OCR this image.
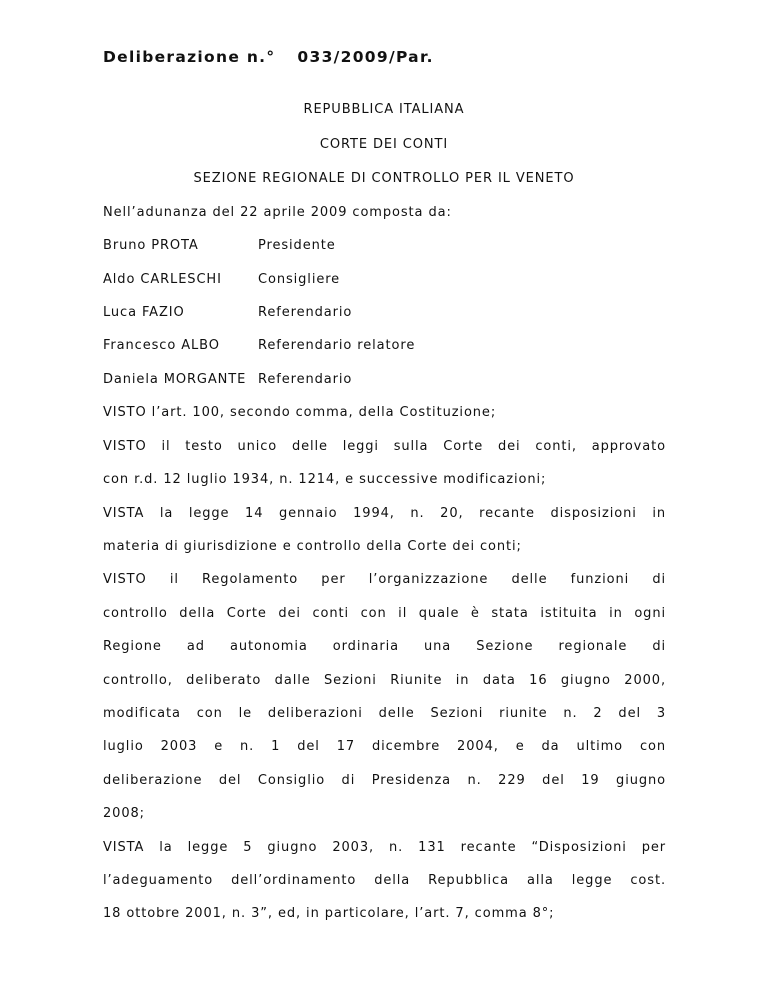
Deliberazione n.° 033/2009/Par.
REPUBBLICA ITALIANA
CORTE DEI CONTI
SEZIONE REGIONALE DI CONTROLLO PER IL VENETO
Nell’adunanza del 22 aprile 2009 composta da:
Bruno PROTA	Presidente
Aldo CARLESCHI	Consigliere
Luca FAZIO	Referendario
Francesco ALBO	Referendario relatore
Daniela MORGANTE Referendario
VISTO l’art. 100, secondo comma, della Costituzione;
VISTO il testo unico delle leggi sulla Corte dei conti, approvato
con r.d. 12 luglio 1934, n. 1214, e successive modificazioni;
VISTA la legge 14 gennaio 1994, n. 20, recante disposizioni in
materia di giurisdizione e controllo della Corte dei conti;
VISTO il Regolamento per l’organizzazione delle funzioni di
controllo della Corte dei conti con il quale è stata istituita in ogni
Regione ad autonomia ordinaria una Sezione regionale di
controllo, deliberato dalle Sezioni Riunite in data 16 giugno 2000,
modificata con le deliberazioni delle Sezioni riunite n. 2 del 3
luglio 2003 e n. 1 del 17 dicembre 2004, e da ultimo con
deliberazione del Consiglio di Presidenza n. 229 del 19 giugno
2008;
VISTA la legge 5 giugno 2003, n. 131 recante “Disposizioni per
l’adeguamento dell’ordinamento della Repubblica alla legge cost.
18 ottobre 2001, n. 3”, ed, in particolare, l’art. 7, comma 8°;
